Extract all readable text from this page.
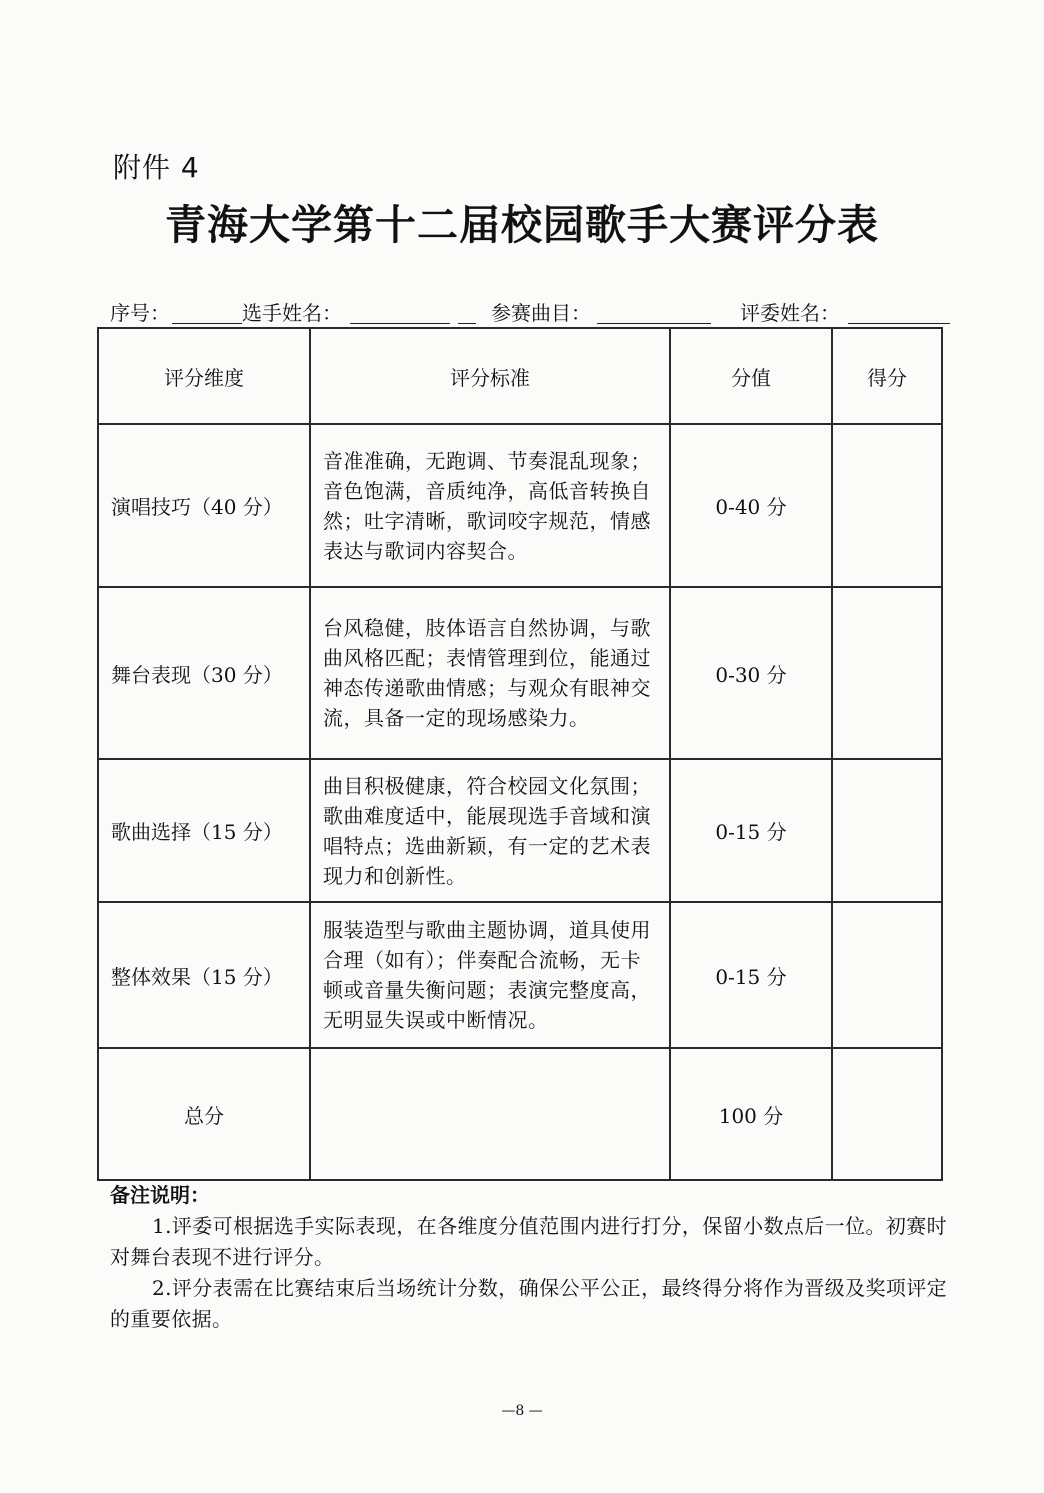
附件 4
青海大学第十二届校园歌手大赛评分表
序号：	选手姓名：	参赛曲目：	评委姓名：
评分维度	评分标准	分值	得分
演唱技巧（40 分）	音准准确，无跑调、节奏混乱现象；音色饱满，音质纯净，高低音转换自然；吐字清晰，歌词咬字规范，情感表达与歌词内容契合。	0-40 分	
舞台表现（30 分）	台风稳健，肢体语言自然协调，与歌曲风格匹配；表情管理到位，能通过神态传递歌曲情感；与观众有眼神交流，具备一定的现场感染力。	0-30 分	
歌曲选择（15 分）	曲目积极健康，符合校园文化氛围；歌曲难度适中，能展现选手音域和演唱特点；选曲新颖，有一定的艺术表现力和创新性。	0-15 分	
整体效果（15 分）	服装造型与歌曲主题协调，道具使用合理（如有）；伴奏配合流畅，无卡顿或音量失衡问题；表演完整度高，无明显失误或中断情况。	0-15 分	
总分		100 分	
备注说明：
1.评委可根据选手实际表现，在各维度分值范围内进行打分，保留小数点后一位。初赛时对舞台表现不进行评分。
2.评分表需在比赛结束后当场统计分数，确保公平公正，最终得分将作为晋级及奖项评定的重要依据。
—8 —
